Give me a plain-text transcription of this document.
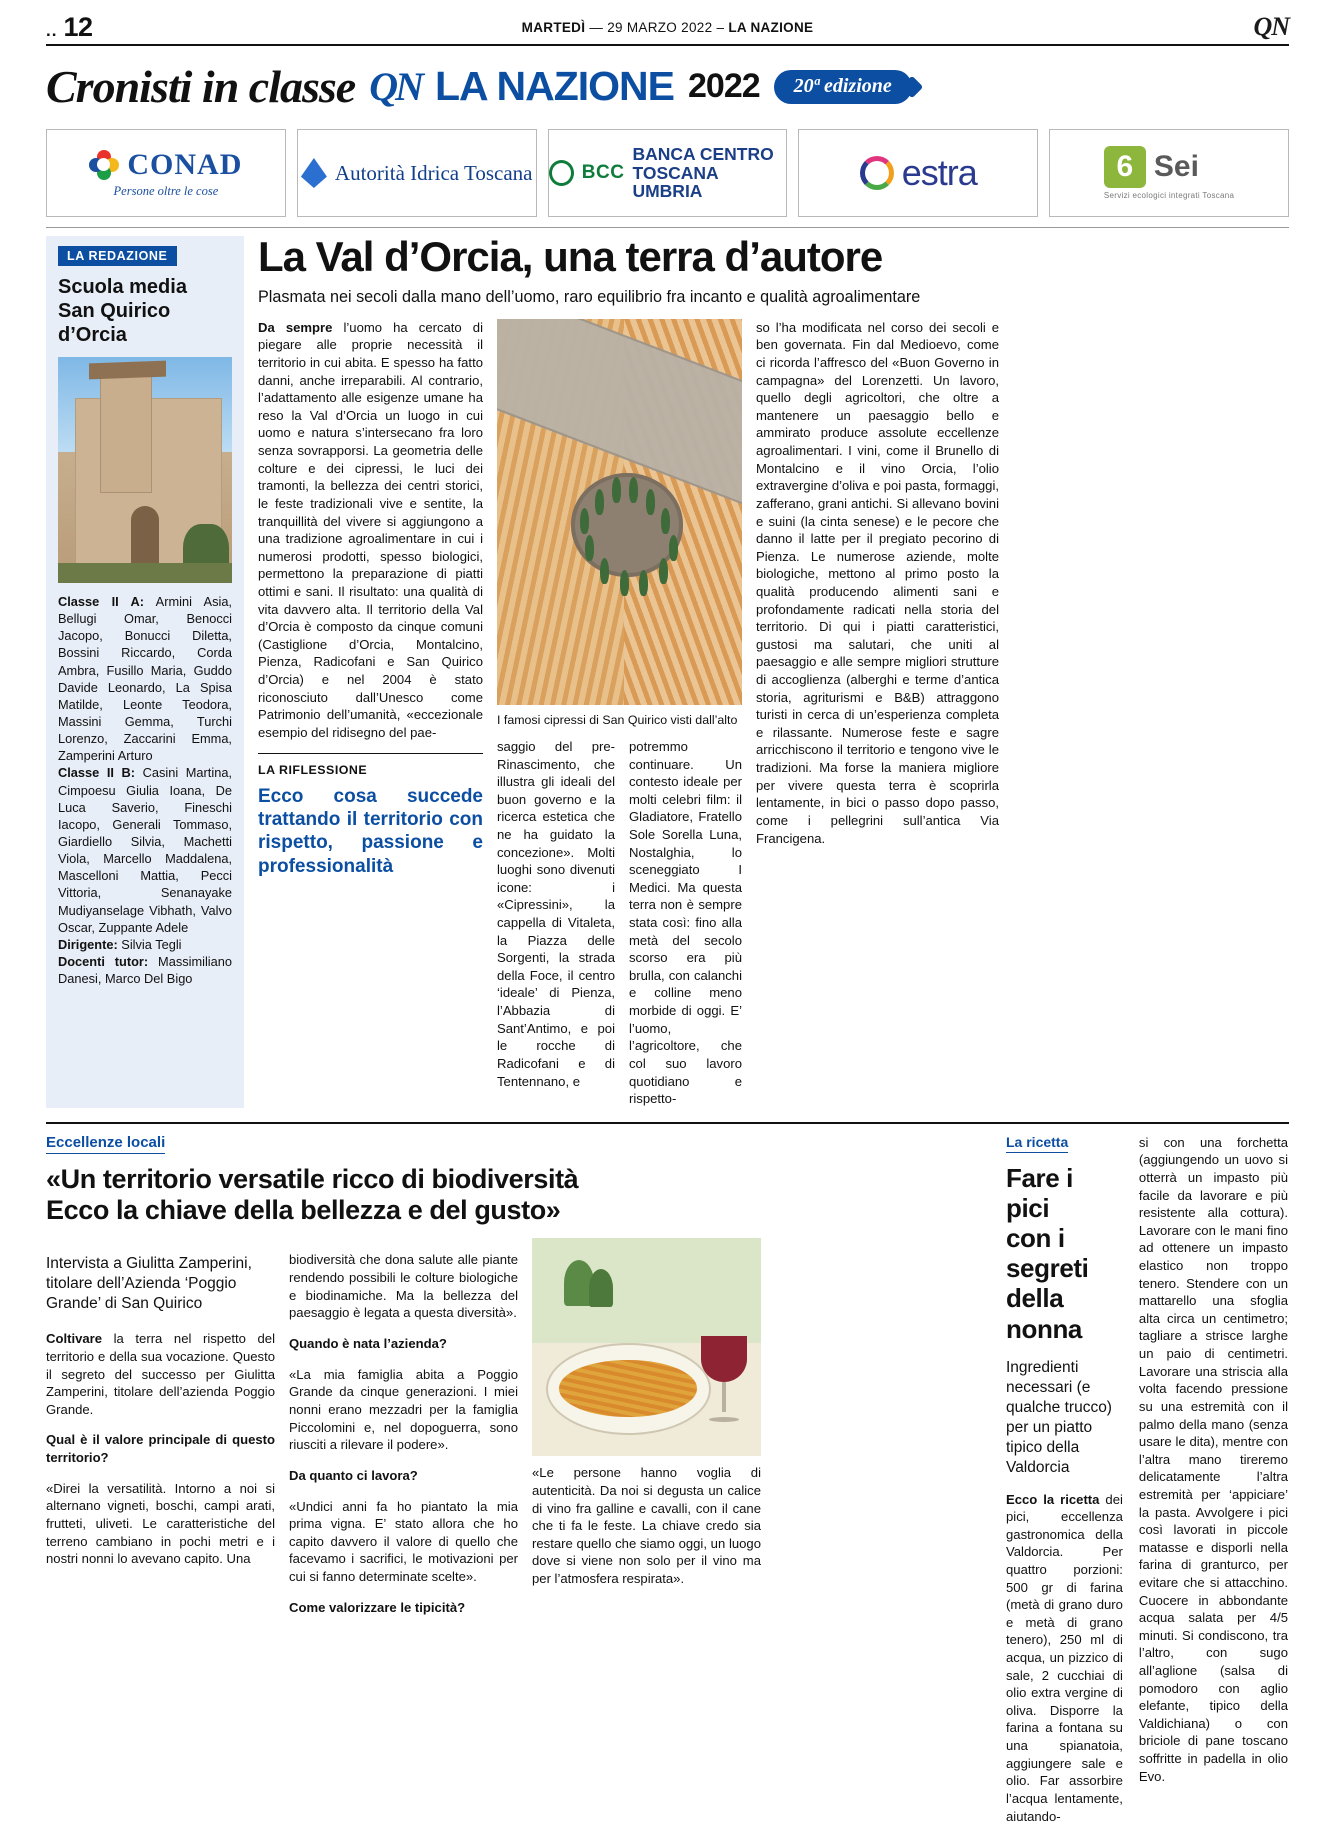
.. 12	MARTEDÌ — 29 MARZO 2022 – LA NAZIONE	QN
Cronisti in classe QN LA NAZIONE 2022	20ª edizione
CONAD
Persone oltre le cose
Autorità Idrica Toscana	BCC
BANCA CENTRO
TOSCANA UMBRIA	estra	6 Sei
Servizi ecologici integrati Toscana
LA REDAZIONE
Scuola media
San Quirico d’Orcia
Classe II A: Armini Asia, Bellugi Omar, Benocci Jacopo, Bonucci Diletta, Bossini Riccardo, Corda Ambra, Fusillo Maria, Guddo Davide Leonardo, La Spisa Matilde, Leonte Teodora, Massini Gemma, Turchi Lorenzo, Zaccarini Emma, Zamperini Arturo
Classe II B: Casini Martina, Cimpoesu Giulia Ioana, De Luca Saverio, Fineschi Iacopo, Generali Tommaso, Giardiello Silvia, Machetti Viola, Marcello Maddalena, Mascelloni Mattia, Pecci Vittoria, Senanayake Mudiyanselage Vibhath, Valvo Oscar, Zuppante Adele
Dirigente: Silvia Tegli
Docenti tutor: Massimiliano Danesi, Marco Del Bigo
La Val d’Orcia, una terra d’autore
Plasmata nei secoli dalla mano dell’uomo, raro equilibrio fra incanto e qualità agroalimentare

Da sempre l’uomo ha cercato di piegare alle proprie necessità il territorio in cui abita. E spesso ha fatto danni, anche irreparabili. Al contrario, l’adattamento alle esigenze umane ha reso la Val d’Orcia un luogo in cui uomo e natura s’intersecano fra loro senza sovrapporsi. La geometria delle colture e dei cipressi, le luci dei tramonti, la bellezza dei centri storici, le feste tradizionali vive e sentite, la tranquillità del vivere si aggiungono a una tradizione agroalimentare in cui i numerosi prodotti, spesso biologici, permettono la preparazione di piatti ottimi e sani. Il risultato: una qualità di vita davvero alta. Il territorio della Val d’Orcia è composto da cinque comuni (Castiglione d’Orcia, Montalcino, Pienza, Radicofani e San Quirico d’Orcia) e nel 2004 è stato riconosciuto dall’Unesco come Patrimonio dell’umanità, «eccezionale esempio del ridisegno del pae-

LA RIFLESSIONE
Ecco cosa succede trattando il territorio con rispetto, passione e professionalità
I famosi cipressi di San Quirico visti dall’alto
saggio del pre-Rinascimento, che illustra gli ideali del buon governo e la ricerca estetica che ne ha guidato la concezione». Molti luoghi sono divenuti icone: i «Cipressini», la cappella di Vitaleta, la Piazza delle Sorgenti, la strada della Foce, il centro ‘ideale’ di Pienza, l’Abbazia di Sant’Antimo, e poi le rocche di Radicofani e di Tentennano, e
potremmo continuare. Un contesto ideale per molti celebri film: il Gladiatore, Fratello Sole Sorella Luna, Nostalghia, lo sceneggiato I Medici. Ma questa terra non è sempre stata così: fino alla metà del secolo scorso era più brulla, con calanchi e colline meno morbide di oggi. E’ l’uomo, l’agricoltore, che col suo lavoro quotidiano e rispetto-
so l’ha modificata nel corso dei secoli e ben governata. Fin dal Medioevo, come ci ricorda l’affresco del «Buon Governo in campagna» del Lorenzetti. Un lavoro, quello degli agricoltori, che oltre a mantenere un paesaggio bello e ammirato produce assolute eccellenze agroalimentari. I vini, come il Brunello di Montalcino e il vino Orcia, l’olio extravergine d’oliva e poi pasta, formaggi, zafferano, grani antichi. Si allevano bovini e suini (la cinta senese) e le pecore che danno il latte per il pregiato pecorino di Pienza. Le numerose aziende, molte biologiche, mettono al primo posto la qualità producendo alimenti sani e profondamente radicati nella storia del territorio. Di qui i piatti caratteristici, gustosi ma salutari, che uniti al paesaggio e alle sempre migliori strutture di accoglienza (alberghi e terme d’antica storia, agriturismi e B&B) attraggono turisti in cerca di un’esperienza completa e rilassante. Numerose feste e sagre arricchiscono il territorio e tengono vive le tradizioni. Ma forse la maniera migliore per vivere questa terra è scoprirla lentamente, in bici o passo dopo passo, come i pellegrini sull’antica Via Francigena.
Eccellenze locali
«Un territorio versatile ricco di biodiversità
Ecco la chiave della bellezza e del gusto»

Intervista a Giulitta Zamperini, titolare dell’Azienda ‘Poggio Grande’ di San Quirico

Coltivare la terra nel rispetto del territorio e della sua vocazione. Questo il segreto del successo per Giulitta Zamperini, titolare dell’azienda Poggio Grande.

Qual è il valore principale di questo territorio?

«Direi la versatilità. Intorno a noi si alternano vigneti, boschi, campi arati, frutteti, uliveti. Le caratteristiche del terreno cambiano in pochi metri e i nostri nonni lo avevano capito. Una

biodiversità che dona salute alle piante rendendo possibili le colture biologiche e biodinamiche. Ma la bellezza del paesaggio è legata a questa diversità».

Quando è nata l’azienda?

«La mia famiglia abita a Poggio Grande da cinque generazioni. I miei nonni erano mezzadri per la famiglia Piccolomini e, nel dopoguerra, sono riusciti a rilevare il podere».

Da quanto ci lavora?

«Undici anni fa ho piantato la mia prima vigna. E’ stato allora che ho capito davvero il valore di quello che facevamo i sacrifici, le motivazioni per cui si fanno determinate scelte».

Come valorizzare le tipicità?

«Le persone hanno voglia di autenticità. Da noi si degusta un calice di vino fra galline e cavalli, con il cane che ti fa le feste. La chiave credo sia restare quello che siamo oggi, un luogo dove si viene non solo per il vino ma per l’atmosfera respirata».
La ricetta
Fare i pici
con i segreti
della nonna
Ingredienti necessari (e qualche trucco) per un piatto tipico della Valdorcia
Ecco la ricetta dei pici, eccellenza gastronomica della Valdorcia. Per quattro porzioni: 500 gr di farina (metà di grano duro e metà di grano tenero), 250 ml di acqua, un pizzico di sale, 2 cucchiai di olio extra vergine di oliva. Disporre la farina a fontana su una spianatoia, aggiungere sale e olio. Far assorbire l’acqua lentamente, aiutando-
si con una forchetta (aggiungendo un uovo si otterrà un impasto più facile da lavorare e più resistente alla cottura). Lavorare con le mani fino ad ottenere un impasto elastico non troppo tenero. Stendere con un mattarello una sfoglia alta circa un centimetro; tagliare a strisce larghe un paio di centimetri. Lavorare una striscia alla volta facendo pressione su una estremità con il palmo della mano (senza usare le dita), mentre con l’altra mano tireremo delicatamente l’altra estremità per ‘appiciare’ la pasta. Avvolgere i pici così lavorati in piccole matasse e disporli nella farina di granturco, per evitare che si attacchino. Cuocere in abbondante acqua salata per 4/5 minuti. Si condiscono, tra l’altro, con sugo all’aglione (salsa di pomodoro con aglio elefante, tipico della Valdichiana) o con briciole di pane toscano soffritte in padella in olio Evo.
